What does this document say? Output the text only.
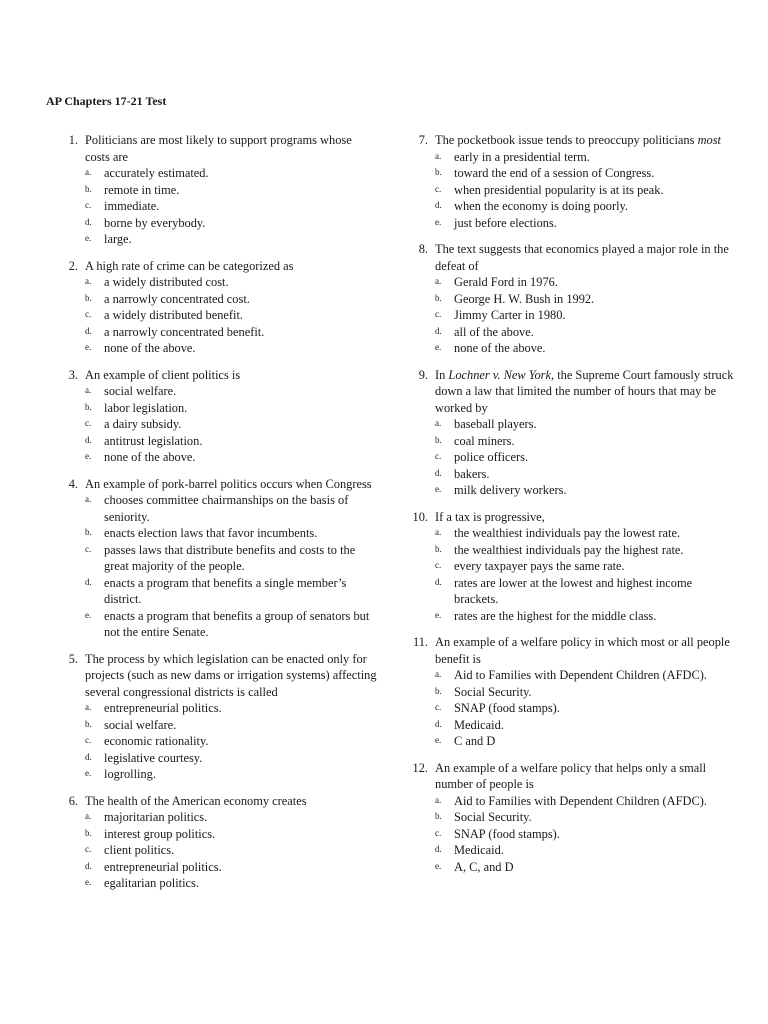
AP Chapters 17-21 Test
1. Politicians are most likely to support programs whose costs are
a. accurately estimated.
b. remote in time.
c. immediate.
d. borne by everybody.
e. large.
2. A high rate of crime can be categorized as
a. a widely distributed cost.
b. a narrowly concentrated cost.
c. a widely distributed benefit.
d. a narrowly concentrated benefit.
e. none of the above.
3. An example of client politics is
a. social welfare.
b. labor legislation.
c. a dairy subsidy.
d. antitrust legislation.
e. none of the above.
4. An example of pork-barrel politics occurs when Congress
a. chooses committee chairmanships on the basis of seniority.
b. enacts election laws that favor incumbents.
c. passes laws that distribute benefits and costs to the great majority of the people.
d. enacts a program that benefits a single member’s district.
e. enacts a program that benefits a group of senators but not the entire Senate.
5. The process by which legislation can be enacted only for projects (such as new dams or irrigation systems) affecting several congressional districts is called
a. entrepreneurial politics.
b. social welfare.
c. economic rationality.
d. legislative courtesy.
e. logrolling.
6. The health of the American economy creates
a. majoritarian politics.
b. interest group politics.
c. client politics.
d. entrepreneurial politics.
e. egalitarian politics.
7. The pocketbook issue tends to preoccupy politicians most
a. early in a presidential term.
b. toward the end of a session of Congress.
c. when presidential popularity is at its peak.
d. when the economy is doing poorly.
e. just before elections.
8. The text suggests that economics played a major role in the defeat of
a. Gerald Ford in 1976.
b. George H. W. Bush in 1992.
c. Jimmy Carter in 1980.
d. all of the above.
e. none of the above.
9. In Lochner v. New York, the Supreme Court famously struck down a law that limited the number of hours that may be worked by
a. baseball players.
b. coal miners.
c. police officers.
d. bakers.
e. milk delivery workers.
10. If a tax is progressive,
a. the wealthiest individuals pay the lowest rate.
b. the wealthiest individuals pay the highest rate.
c. every taxpayer pays the same rate.
d. rates are lower at the lowest and highest income brackets.
e. rates are the highest for the middle class.
11. An example of a welfare policy in which most or all people benefit is
a. Aid to Families with Dependent Children (AFDC).
b. Social Security.
c. SNAP (food stamps).
d. Medicaid.
e. C and D
12. An example of a welfare policy that helps only a small number of people is
a. Aid to Families with Dependent Children (AFDC).
b. Social Security.
c. SNAP (food stamps).
d. Medicaid.
e. A, C, and D
